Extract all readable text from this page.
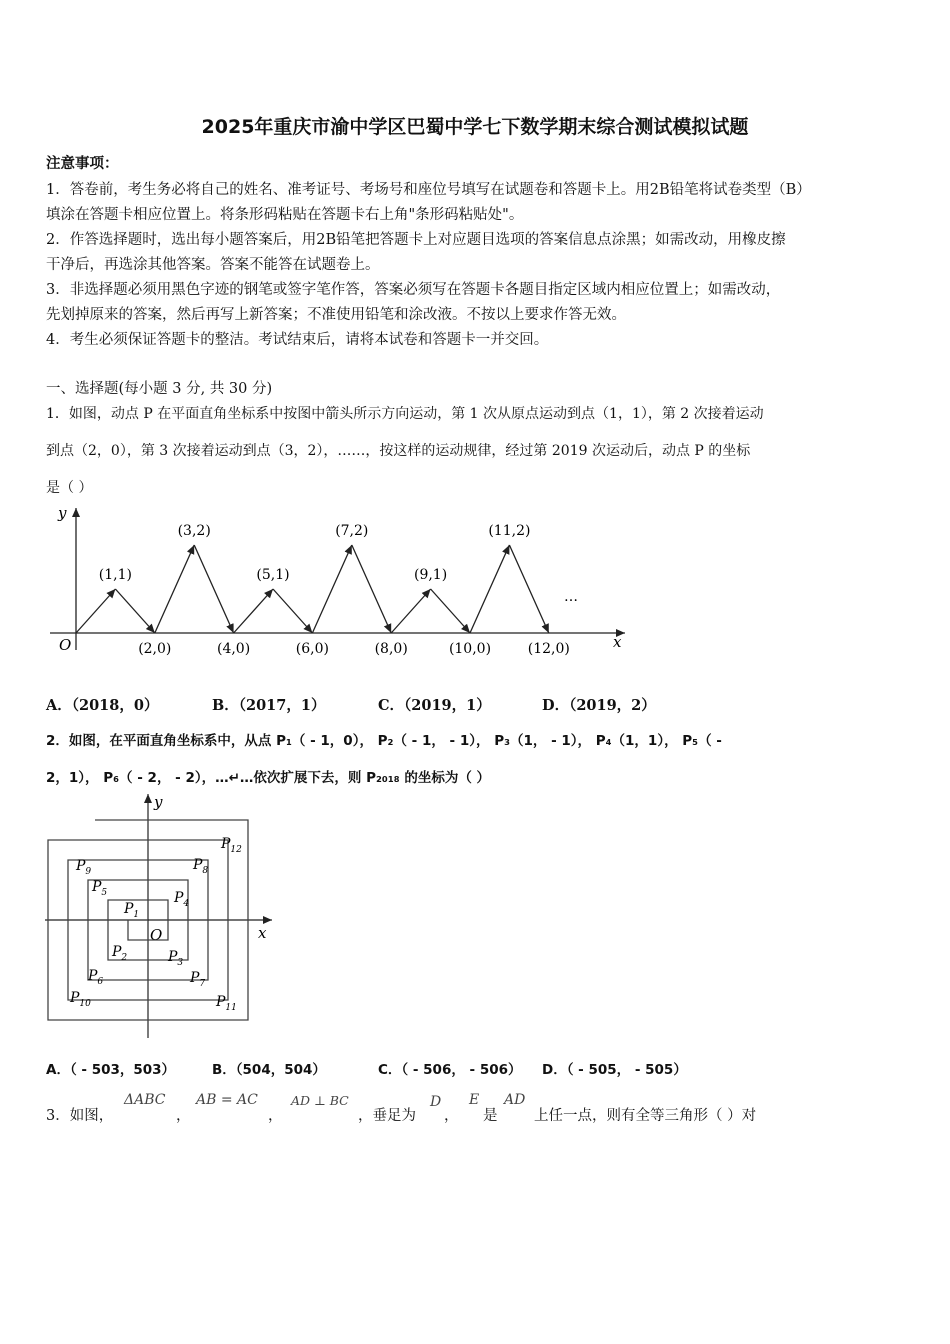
2025年重庆市渝中学区巴蜀中学七下数学期末综合测试模拟试题
注意事项：
1．答卷前，考生务必将自己的姓名、准考证号、考场号和座位号填写在试题卷和答题卡上。用2B铅笔将试卷类型（B）
填涂在答题卡相应位置上。将条形码粘贴在答题卡右上角"条形码粘贴处"。
2．作答选择题时，选出每小题答案后，用2B铅笔把答题卡上对应题目选项的答案信息点涂黑；如需改动，用橡皮擦
干净后，再选涂其他答案。答案不能答在试题卷上。
3．非选择题必须用黑色字迹的钢笔或签字笔作答，答案必须写在答题卡各题目指定区域内相应位置上；如需改动，
先划掉原来的答案，然后再写上新答案；不准使用铅笔和涂改液。不按以上要求作答无效。
4．考生必须保证答题卡的整洁。考试结束后，请将本试卷和答题卡一并交回。
一、选择题(每小题 3 分, 共 30 分)
1．如图，动点 P 在平面直角坐标系中按图中箭头所示方向运动，第 1 次从原点运动到点（1，1），第 2 次接着运动
到点（2，0），第 3 次接着运动到点（3，2），……，按这样的运动规律，经过第 2019 次运动后，动点 P 的坐标
是（ ）
y
x
O
…
(1,1)
(2,0)
(3,2)
(4,0)
(5,1)
(6,0)
(7,2)
(8,0)
(9,1)
(10,0)
(11,2)
(12,0)
A．（2018，0）	B．（2017，1）	C．（2019，1）	D．（2019，2）
2．如图，在平面直角坐标系中，从点 P₁（ - 1，0）， P₂（ - 1， - 1）， P₃（1， - 1）， P₄（1，1）， P₅（ -
2，1）， P₆（ - 2， - 2），…↵…依次扩展下去，则 P₂₀₁₈ 的坐标为（ ）
y
x
O
$P_1$
$P_2$	$P_3$
$P_4$
$P_5$
$P_6$	$P_7$
$P_8$
$P_9$
$P_{10}$	$P_{11}$
$P_{12}$
A．（ - 503，503）	B．（504，504）	C．（ - 506， - 506） D．（ - 505， - 505）
3．如图，
ΔABC
，
AB = AC
，
AD ⊥ BC
，垂足为
D
，
E
是
AD
上任一点，则有全等三角形（ ）对
